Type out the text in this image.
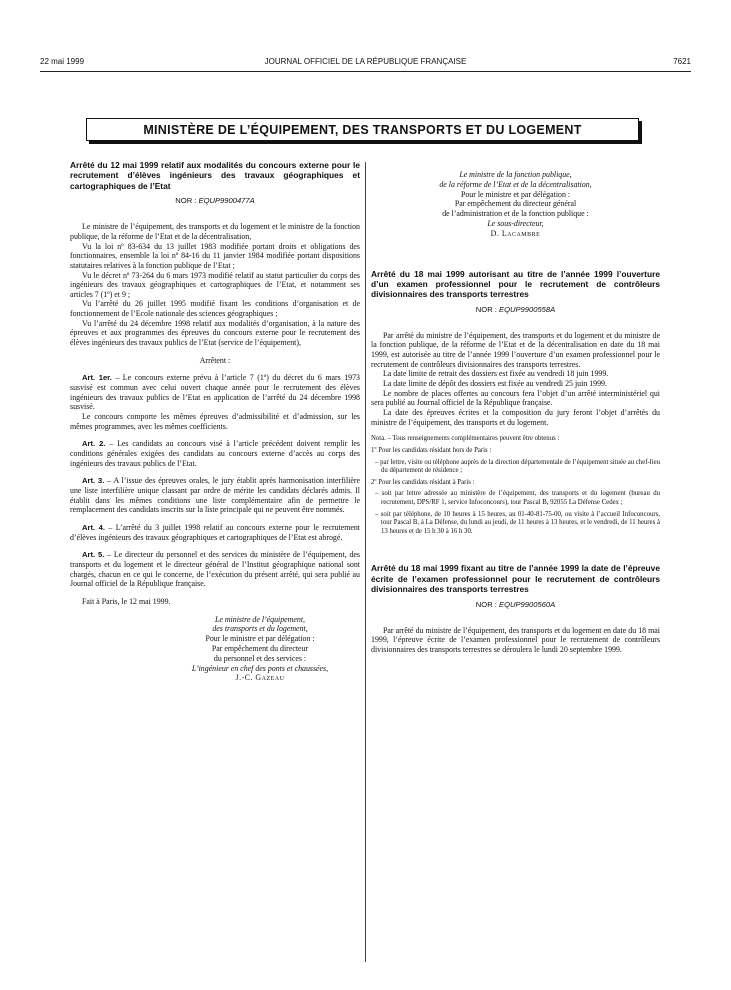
22 mai 1999	JOURNAL OFFICIEL DE LA RÉPUBLIQUE FRANÇAISE	7621
MINISTÈRE DE L’ÉQUIPEMENT, DES TRANSPORTS ET DU LOGEMENT
Arrêté du 12 mai 1999 relatif aux modalités du concours externe pour le recrutement d’élèves ingénieurs des travaux géographiques et cartographiques de l’Etat
NOR : EQUP9900477A

Le ministre de l’équipement, des transports et du logement et le ministre de la fonction publique, de la réforme de l’Etat et de la décentralisation,

Vu la loi nº 83-634 du 13 juillet 1983 modifiée portant droits et obligations des fonctionnaires, ensemble la loi nº 84-16 du 11 janvier 1984 modifiée portant dispositions statutaires relatives à la fonction publique de l’Etat ;

Vu le décret nº 73-264 du 6 mars 1973 modifié relatif au statut particulier du corps des ingénieurs des travaux géographiques et cartographiques de l’Etat, et notamment ses articles 7 (1º) et 9 ;

Vu l’arrêté du 26 juillet 1995 modifié fixant les conditions d’organisation et de fonctionnement de l’Ecole nationale des sciences géographiques ;

Vu l’arrêté du 24 décembre 1998 relatif aux modalités d’organisation, à la nature des épreuves et aux programmes des épreuves du concours externe pour le recrutement des élèves ingénieurs des travaux publics de l’Etat (service de l’équipement),

Arrêtent :

Art. 1er. – Le concours externe prévu à l’article 7 (1º) du décret du 6 mars 1973 susvisé est commun avec celui ouvert chaque année pour le recrutement des élèves ingénieurs des travaux publics de l’Etat en application de l’arrêté du 24 décembre 1998 susvisé.

Le concours comporte les mêmes épreuves d’admissibilité et d’admission, sur les mêmes programmes, avec les mêmes coefficients.

Art. 2. – Les candidats au concours visé à l’article précédent doivent remplir les conditions générales exigées des candidats au concours externe d’accès au corps des ingénieurs des travaux publics de l’Etat.

Art. 3. – A l’issue des épreuves orales, le jury établit après harmonisation interfilière une liste interfilière unique classant par ordre de mérite les candidats déclarés admis. Il établit dans les mêmes conditions une liste complémentaire afin de permettre le remplacement des candidats inscrits sur la liste principale qui ne peuvent être nommés.

Art. 4. – L’arrêté du 3 juillet 1998 relatif au concours externe pour le recrutement d’élèves ingénieurs des travaux géographiques et cartographiques de l’Etat est abrogé.

Art. 5. – Le directeur du personnel et des services du ministère de l’équipement, des transports et du logement et le directeur général de l’Institut géographique national sont chargés, chacun en ce qui le concerne, de l’exécution du présent arrêté, qui sera publié au Journal officiel de la République française.

Fait à Paris, le 12 mai 1999.

Le ministre de l’équipement,
des transports et du logement,
Pour le ministre et par délégation :
Par empêchement du directeur
du personnel et des services :
L’ingénieur en chef des ponts et chaussées,
J.-C. Gazeau
Le ministre de la fonction publique,
de la réforme de l’Etat et de la décentralisation,
Pour le ministre et par délégation :
Par empêchement du directeur général
de l’administration et de la fonction publique :
Le sous-directeur,
D. Lacambre
Arrêté du 18 mai 1999 autorisant au titre de l’année 1999 l’ouverture d’un examen professionnel pour le recrutement de contrôleurs divisionnaires des transports terrestres
NOR : EQUP9900558A

Par arrêté du ministre de l’équipement, des transports et du logement et du ministre de la fonction publique, de la réforme de l’Etat et de la décentralisation en date du 18 mai 1999, est autorisée au titre de l’année 1999 l’ouverture d’un examen professionnel pour le recrutement de contrôleurs divisionnaires des transports terrestres.

La date limite de retrait des dossiers est fixée au vendredi 18 juin 1999.

La date limite de dépôt des dossiers est fixée au vendredi 25 juin 1999.

Le nombre de places offertes au concours fera l’objet d’un arrêté interministériel qui sera publié au Journal officiel de la République française.

La date des épreuves écrites et la composition du jury feront l’objet d’arrêtés du ministre de l’équipement, des transports et du logement.

Nota. – Tous renseignements complémentaires peuvent être obtenus :

1º Pour les candidats résidant hors de Paris :

– par lettre, visite ou téléphone auprès de la direction départementale de l’équipement située au chef-lieu du département de résidence ;

2º Pour les candidats résidant à Paris :

– soit par lettre adressée au ministère de l’équipement, des transports et du logement (bureau du recrutement, DPS/RF 1, service Infoconcours), tour Pascal B, 92055 La Défense Cedex ;

– soit par téléphone, de 10 heures à 15 heures, au 01-40-81-75-00, ou visite à l’accueil Infoconcours, tour Pascal B, à La Défense, du lundi au jeudi, de 11 heures à 13 heures, et le vendredi, de 11 heures à 13 heures et de 15 h 30 à 16 h 30.

Arrêté du 18 mai 1999 fixant au titre de l’année 1999 la date de l’épreuve écrite de l’examen professionnel pour le recrutement de contrôleurs divisionnaires des transports terrestres
NOR : EQUP9900560A

Par arrêté du ministre de l’équipement, des transports et du logement en date du 18 mai 1999, l’épreuve écrite de l’examen professionnel pour le recrutement de contrôleurs divisionnaires des transports terrestres se déroulera le lundi 20 septembre 1999.
